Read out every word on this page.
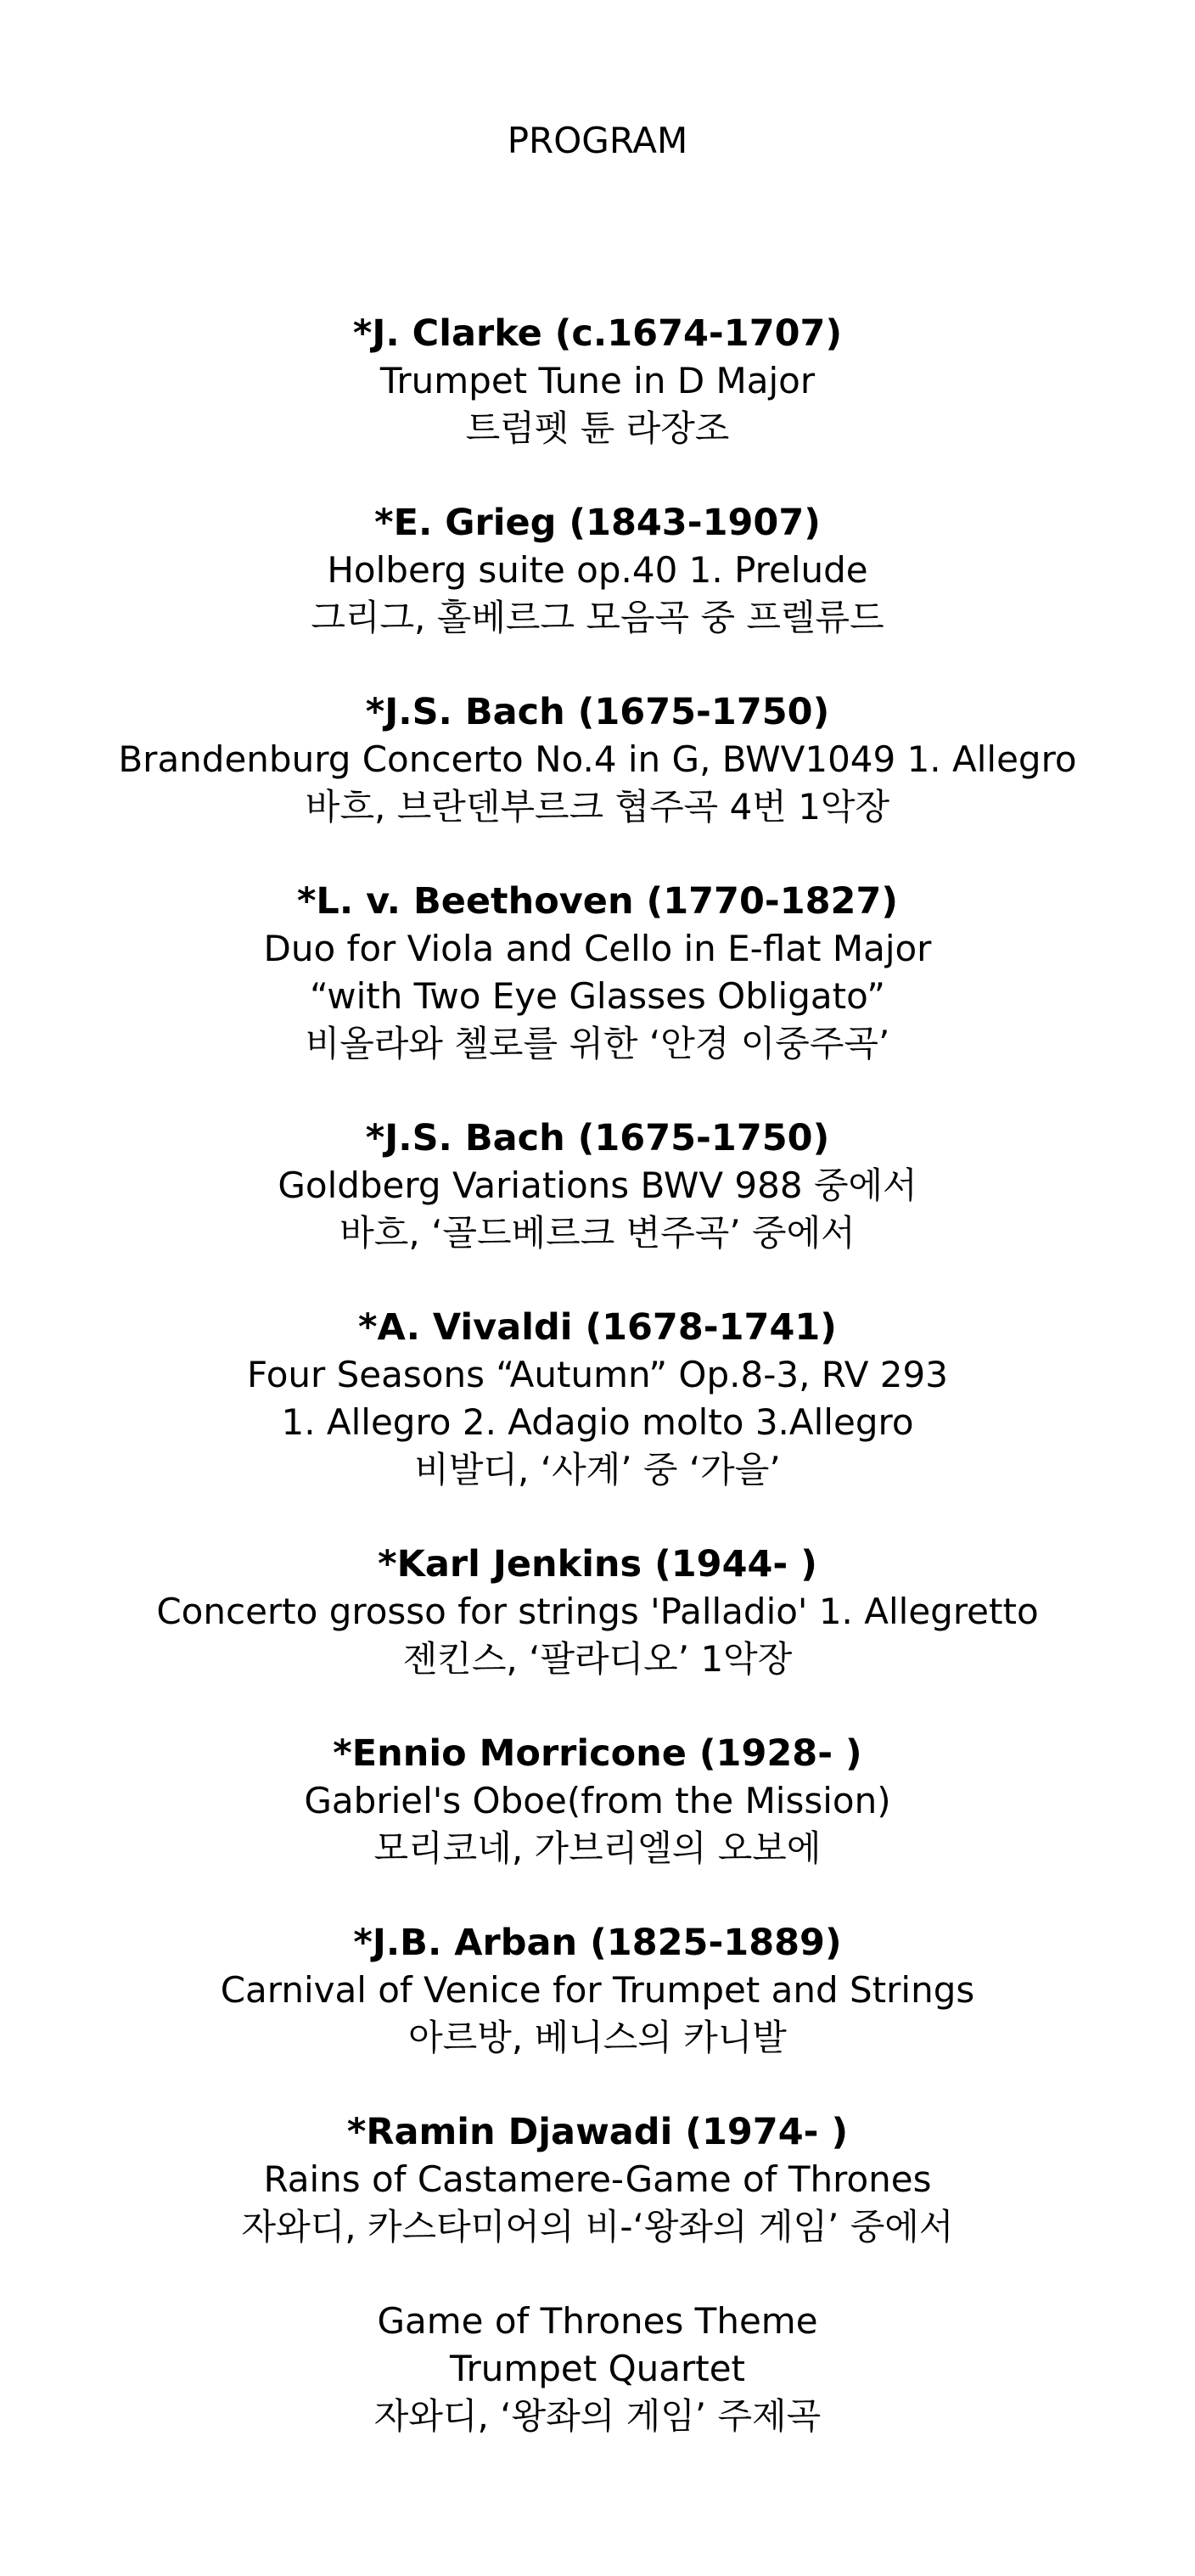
PROGRAM
*J. Clarke (c.1674-1707)
Trumpet Tune in D Major
트럼펫 튠 라장조
*E. Grieg (1843-1907)
Holberg suite op.40 1. Prelude
그리그, 홀베르그 모음곡 중 프렐류드
*J.S. Bach (1675-1750)
Brandenburg Concerto No.4 in G, BWV1049 1. Allegro
바흐, 브란덴부르크 협주곡 4번 1악장
*L. v. Beethoven (1770-1827)
Duo for Viola and Cello in E-flat Major
“with Two Eye Glasses Obligato”
비올라와 첼로를 위한 ‘안경 이중주곡’
*J.S. Bach (1675-1750)
Goldberg Variations BWV 988 중에서
바흐, ‘골드베르크 변주곡’ 중에서
*A. Vivaldi (1678-1741)
Four Seasons “Autumn” Op.8-3, RV 293
1. Allegro 2. Adagio molto 3.Allegro
비발디, ‘사계’ 중 ‘가을’
*Karl Jenkins (1944- )
Concerto grosso for strings 'Palladio' 1. Allegretto
젠킨스, ‘팔라디오’ 1악장
*Ennio Morricone (1928- )
Gabriel's Oboe(from the Mission)
모리코네, 가브리엘의 오보에
*J.B. Arban (1825-1889)
Carnival of Venice for Trumpet and Strings
아르방, 베니스의 카니발
*Ramin Djawadi (1974- )
Rains of Castamere-Game of Thrones
자와디, 카스타미어의 비-‘왕좌의 게임’ 중에서
Game of Thrones Theme
Trumpet Quartet
자와디, ‘왕좌의 게임’ 주제곡
